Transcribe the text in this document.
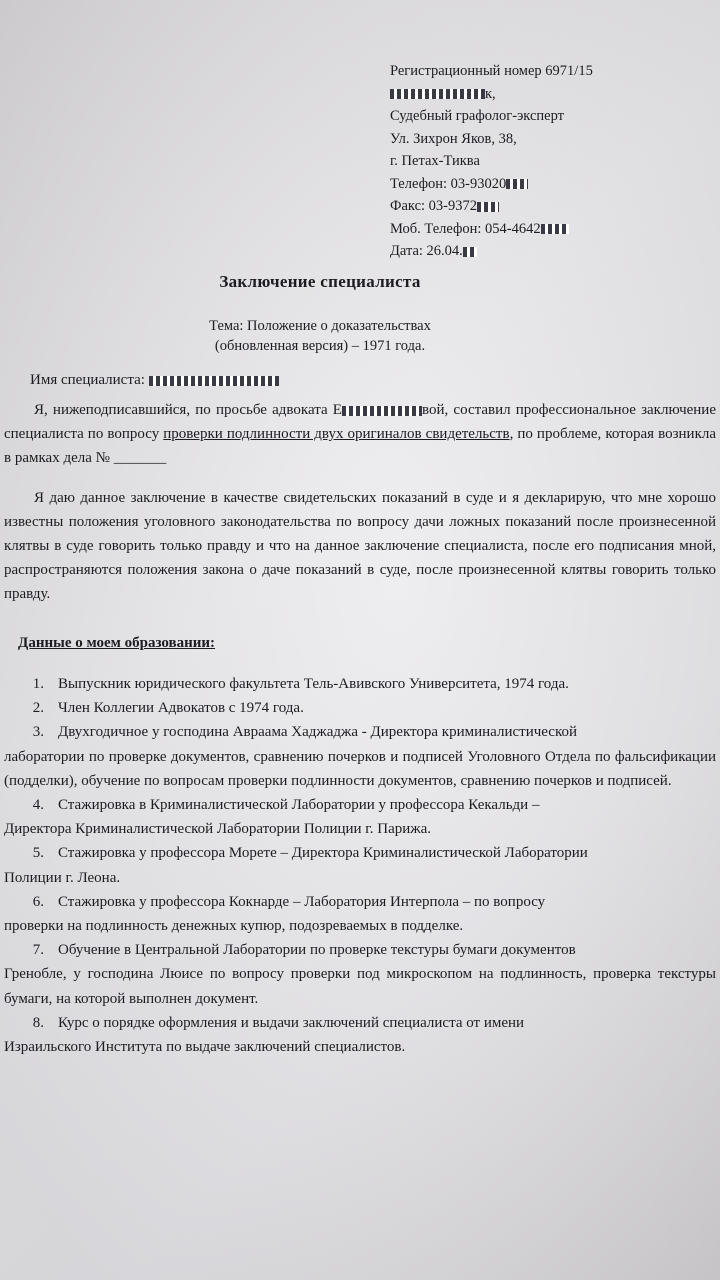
Регистрационный номер 6971/15
к,
Судебный графолог-эксперт
Ул. Зихрон Яков, 38,
г. Петах-Тиква
Телефон: 03-93020
Факс: 03-9372
Моб. Телефон: 054-4642
Дата: 26.04.
Заключение специалиста
Тема: Положение о доказательствах
(обновленная версия) – 1971 года.
Имя специалиста:

Я, нижеподписавшийся, по просьбе адвоката Е	вой, составил профессиональное заключение специалиста по вопросу проверки подлинности двух оригиналов свидетельств, по проблеме, которая возникла в рамках дела № _______

Я даю данное заключение в качестве свидетельских показаний в суде и я декларирую, что мне хорошо известны положения уголовного законодательства по вопросу дачи ложных показаний после произнесенной клятвы в суде говорить только правду и что на данное заключение специалиста, после его подписания мной, распространяются положения закона о даче показаний в суде, после произнесенной клятвы говорить только правду.

Данные о моем образовании:

1. Выпускник юридического факультета Тель-Авивского Университета, 1974 года.

2. Член Коллегии Адвокатов с 1974 года.

3. Двухгодичное у господина Авраама Хаджаджа - Директора криминалистической

лаборатории по проверке документов, сравнению почерков и подписей Уголовного Отдела по фальсификации (подделки), обучение по вопросам проверки подлинности документов, сравнению почерков и подписей.

4. Стажировка в Криминалистической Лаборатории у профессора Кекальди –

Директора Криминалистической Лаборатории Полиции г. Парижа.

5. Стажировка у профессора Морете – Директора Криминалистической Лаборатории

Полиции г. Леона.

6. Стажировка у профессора Кокнарде – Лаборатория Интерпола – по вопросу

проверки на подлинность денежных купюр, подозреваемых в подделке.

7. Обучение в Центральной Лаборатории по проверке текстуры бумаги документов

Гренобле, у господина Люисе по вопросу проверки под микроскопом на подлинность, проверка текстуры бумаги, на которой выполнен документ.

8. Курс о порядке оформления и выдачи заключений специалиста от имени

Израильского Института по выдаче заключений специалистов.
